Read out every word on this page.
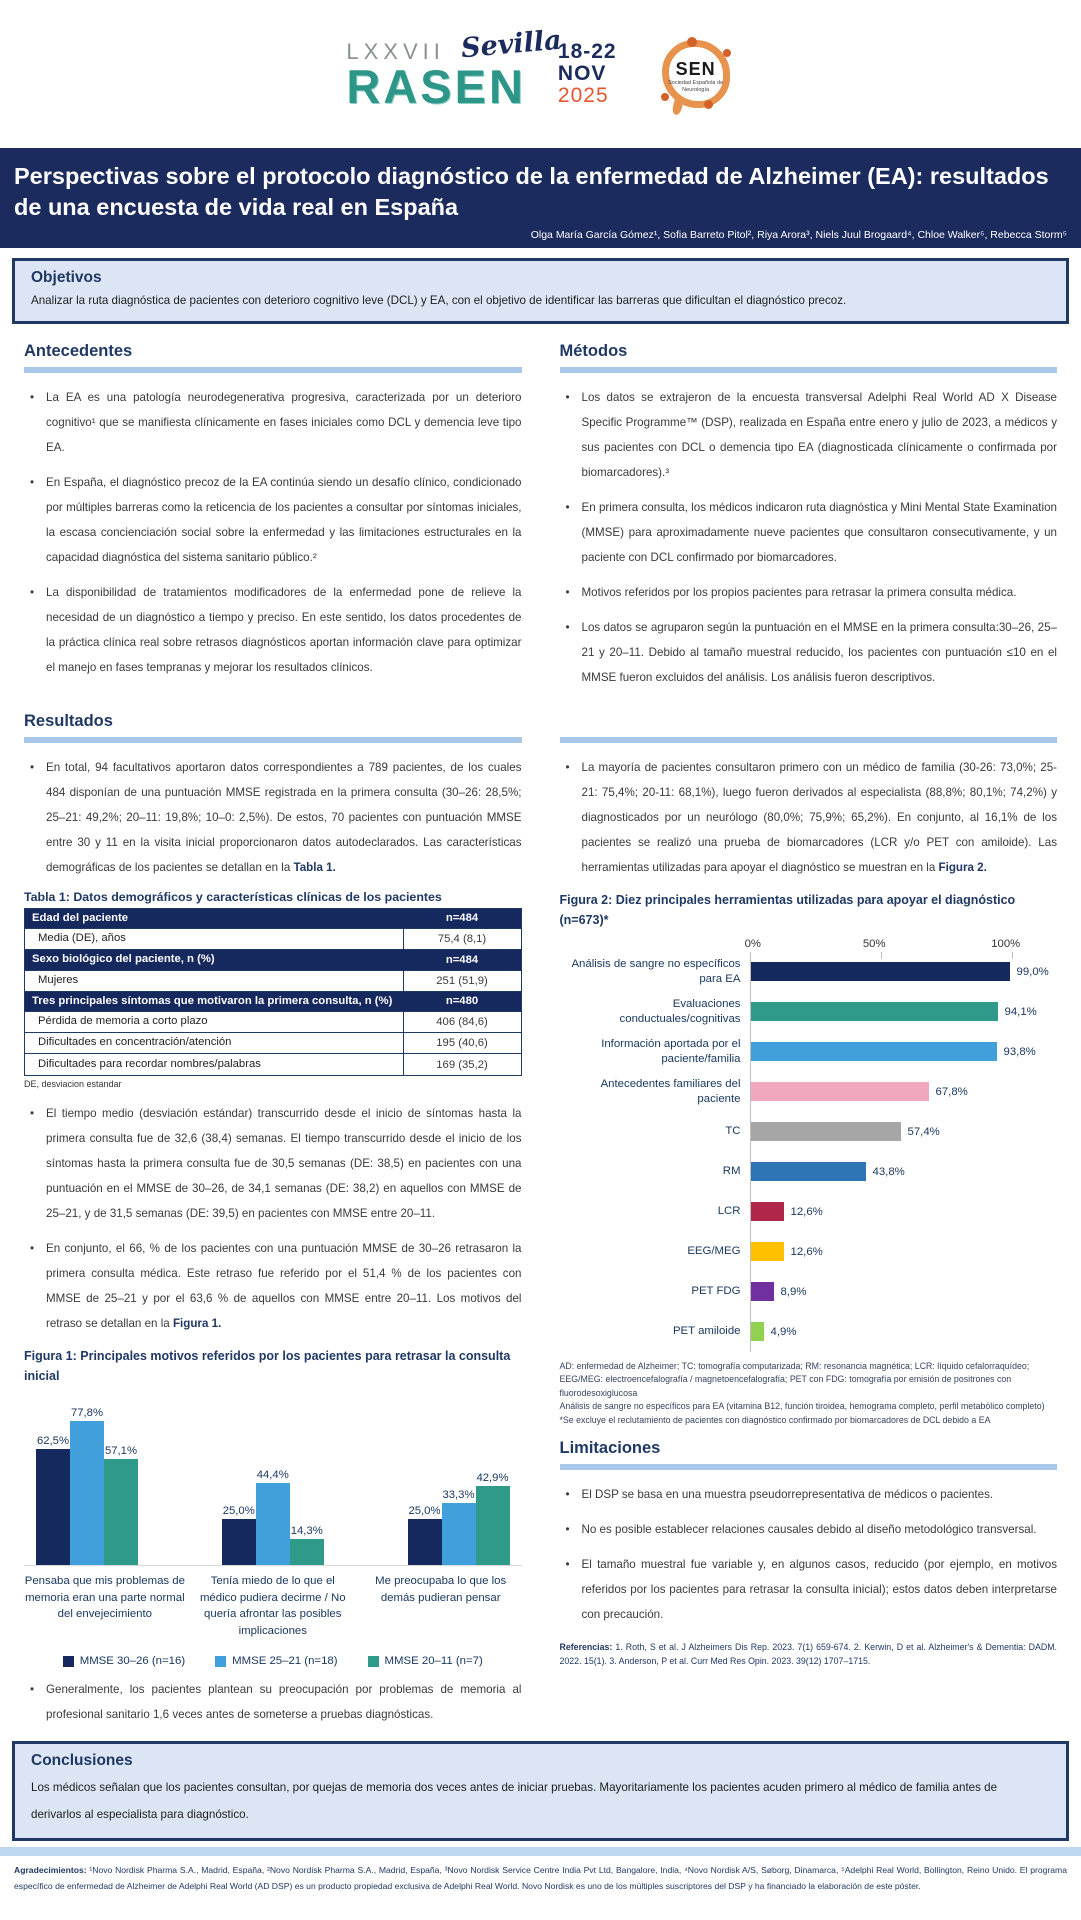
LXXVII
RASEN
Sevilla
18-22
NOV
2025
SEN
Sociedad Española de Neurología
Perspectivas sobre el protocolo diagnóstico de la enfermedad de Alzheimer (EA): resultados de una encuesta de vida real en España
Olga María García Gómez¹, Sofia Barreto Pitol², Riya Arora³, Niels Juul Brogaard⁴, Chloe Walker⁵, Rebecca Storm⁵
Objetivos
Analizar la ruta diagnóstica de pacientes con deterioro cognitivo leve (DCL) y EA, con el objetivo de identificar las barreras que dificultan el diagnóstico precoz.
Antecedentes
• La EA es una patología neurodegenerativa progresiva, caracterizada por un deterioro cognitivo¹ que se manifiesta clínicamente en fases iniciales como DCL y demencia leve tipo EA.
• En España, el diagnóstico precoz de la EA continúa siendo un desafío clínico, condicionado por múltiples barreras como la reticencia de los pacientes a consultar por síntomas iniciales, la escasa concienciación social sobre la enfermedad y las limitaciones estructurales en la capacidad diagnóstica del sistema sanitario público.²
• La disponibilidad de tratamientos modificadores de la enfermedad pone de relieve la necesidad de un diagnóstico a tiempo y preciso. En este sentido, los datos procedentes de la práctica clínica real sobre retrasos diagnósticos aportan información clave para optimizar el manejo en fases tempranas y mejorar los resultados clínicos.
Métodos
• Los datos se extrajeron de la encuesta transversal Adelphi Real World AD X Disease Specific Programme™ (DSP), realizada en España entre enero y julio de 2023, a médicos y sus pacientes con DCL o demencia tipo EA (diagnosticada clínicamente o confirmada por biomarcadores).³
• En primera consulta, los médicos indicaron ruta diagnóstica y Mini Mental State Examination (MMSE) para aproximadamente nueve pacientes que consultaron consecutivamente, y un paciente con DCL confirmado por biomarcadores.
• Motivos referidos por los propios pacientes para retrasar la primera consulta médica.
• Los datos se agruparon según la puntuación en el MMSE en la primera consulta:30–26, 25–21 y 20–11. Debido al tamaño muestral reducido, los pacientes con puntuación ≤10 en el MMSE fueron excluidos del análisis. Los análisis fueron descriptivos.
Resultados
• En total, 94 facultativos aportaron datos correspondientes a 789 pacientes, de los cuales 484 disponían de una puntuación MMSE registrada en la primera consulta (30–26: 28,5%; 25–21: 49,2%; 20–11: 19,8%; 10–0: 2,5%). De estos, 70 pacientes con puntuación MMSE entre 30 y 11 en la visita inicial proporcionaron datos autodeclarados. Las características demográficas de los pacientes se detallan en la Tabla 1.
Tabla 1: Datos demográficos y características clínicas de los pacientes
Edad del paciente	n=484
Media (DE), años	75,4 (8,1)
Sexo biológico del paciente, n (%)	n=484
Mujeres	251 (51,9)
Tres principales síntomas que motivaron la primera consulta, n (%)	n=480
Pérdida de memoria a corto plazo	406 (84,6)
Dificultades en concentración/atención	195 (40,6)
Dificultades para recordar nombres/palabras	169 (35,2)
DE, desviacion estandar
• El tiempo medio (desviación estándar) transcurrido desde el inicio de síntomas hasta la primera consulta fue de 32,6 (38,4) semanas. El tiempo transcurrido desde el inicio de los síntomas hasta la primera consulta fue de 30,5 semanas (DE: 38,5) en pacientes con una puntuación en el MMSE de 30–26, de 34,1 semanas (DE: 38,2) en aquellos con MMSE de 25–21, y de 31,5 semanas (DE: 39,5) en pacientes con MMSE entre 20–11.
• En conjunto, el 66, % de los pacientes con una puntuación MMSE de 30–26 retrasaron la primera consulta médica. Este retraso fue referido por el 51,4 % de los pacientes con MMSE de 25–21 y por el 63,6 % de aquellos con MMSE entre 20–11. Los motivos del retraso se detallan en la Figura 1.
Figura 1: Principales motivos referidos por los pacientes para retrasar la consulta inicial
62,5%
77,8%
57,1%
25,0%
44,4%
14,3%
25,0%
33,3%
42,9%
Pensaba que mis problemas de memoria eran una parte normal del envejecimiento
Tenía miedo de lo que el médico pudiera decirme / No quería afrontar las posibles implicaciones
Me preocupaba lo que los demás pudieran pensar
MMSE 30–26 (n=16)	MMSE 25–21 (n=18)	MMSE 20–11 (n=7)
• Generalmente, los pacientes plantean su preocupación por problemas de memoria al profesional sanitario 1,6 veces antes de someterse a pruebas diagnósticas.
• La mayoría de pacientes consultaron primero con un médico de familia (30-26: 73,0%; 25-21: 75,4%; 20-11: 68,1%), luego fueron derivados al especialista (88,8%; 80,1%; 74,2%) y diagnosticados por un neurólogo (80,0%; 75,9%; 65,2%). En conjunto, al 16,1% de los pacientes se realizó una prueba de biomarcadores (LCR y/o PET con amiloide). Las herramientas utilizadas para apoyar el diagnóstico se muestran en la Figura 2.
Figura 2: Diez principales herramientas utilizadas para apoyar el diagnóstico (n=673)*
0%	50%	100%
Análisis de sangre no específicos para EA
99,0%
Evaluaciones conductuales/cognitivas
94,1%
Información aportada por el paciente/familia
93,8%
Antecedentes familiares del paciente
67,8%
TC	57,4%
RM	43,8%
LCR	12,6%
EEG/MEG	12,6%
PET FDG	8,9%
PET amiloide	4,9%
AD: enfermedad de Alzheimer; TC: tomografía computarizada; RM: resonancia magnética; LCR: líquido cefalorraquídeo; EEG/MEG: electroencefalografía / magnetoencefalografía; PET con FDG: tomografía por emisión de positrones con fluorodesoxiglucosa
Análisis de sangre no específicos para EA (vitamina B12, función tiroidea, hemograma completo, perfil metabólico completo)
*Se excluye el reclutamiento de pacientes con diagnóstico confirmado por biomarcadores de DCL debido a EA
Limitaciones
• El DSP se basa en una muestra pseudorrepresentativa de médicos o pacientes.
• No es posible establecer relaciones causales debido al diseño metodológico transversal.
• El tamaño muestral fue variable y, en algunos casos, reducido (por ejemplo, en motivos referidos por los pacientes para retrasar la consulta inicial); estos datos deben interpretarse con precaución.
Referencias: 1. Roth, S et al. J Alzheimers Dis Rep. 2023. 7(1) 659-674. 2. Kerwin, D et al. Alzheimer's & Dementia: DADM. 2022. 15(1). 3. Anderson, P et al. Curr Med Res Opin. 2023. 39(12) 1707–1715.
Conclusiones
Los médicos señalan que los pacientes consultan, por quejas de memoria dos veces antes de iniciar pruebas. Mayoritariamente los pacientes acuden primero al médico de familia antes de derivarlos al especialista para diagnóstico.
Agradecimientos: ¹Novo Nordisk Pharma S.A., Madrid, España, ²Novo Nordisk Pharma S.A., Madrid, España, ³Novo Nordisk Service Centre India Pvt Ltd, Bangalore, India, ⁴Novo Nordisk A/S, Søborg, Dinamarca, ⁵Adelphi Real World, Bollington, Reino Unido. El programa específico de enfermedad de Alzheimer de Adelphi Real World (AD DSP) es un producto propiedad exclusiva de Adelphi Real World. Novo Nordisk es uno de los múltiples suscriptores del DSP y ha financiado la elaboración de este póster.
